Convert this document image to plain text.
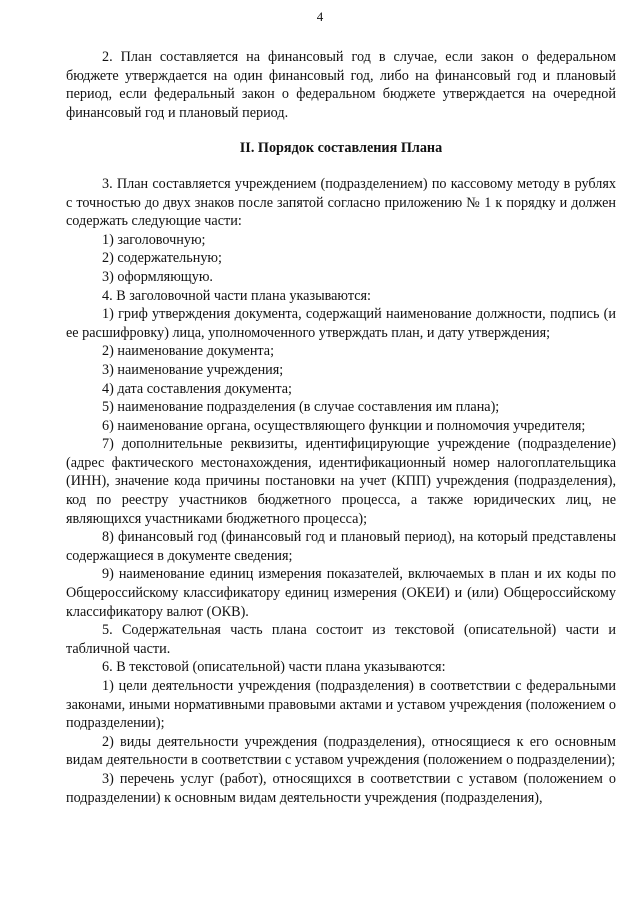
4

2. План составляется на финансовый год в случае, если закон о федеральном бюджете утверждается на один финансовый год, либо на финансовый год и плановый период, если федеральный закон о федеральном бюджете утверждается на очередной финансовый год и плановый период.

II. Порядок составления Плана

3. План составляется учреждением (подразделением) по кассовому методу в рублях с точностью до двух знаков после запятой согласно приложению № 1 к порядку и должен содержать следующие части:

1) заголовочную;

2) содержательную;

3) оформляющую.

4. В заголовочной части плана указываются:

1) гриф утверждения документа, содержащий наименование должности, подпись (и ее расшифровку) лица, уполномоченного утверждать план, и дату утверждения;

2) наименование документа;

3) наименование учреждения;

4) дата составления документа;

5) наименование подразделения (в случае составления им плана);

6) наименование органа, осуществляющего функции и полномочия учредителя;

7) дополнительные реквизиты, идентифицирующие учреждение (подразделение) (адрес фактического местонахождения, идентификационный номер налогоплательщика (ИНН), значение кода причины постановки на учет (КПП) учреждения (подразделения), код по реестру участников бюджетного процесса, а также юридических лиц, не являющихся участниками бюджетного процесса);

8) финансовый год (финансовый год и плановый период), на который представлены содержащиеся в документе сведения;

9) наименование единиц измерения показателей, включаемых в план и их коды по Общероссийскому классификатору единиц измерения (ОКЕИ) и (или) Общероссийскому классификатору валют (ОКВ).

5. Содержательная часть плана состоит из текстовой (описательной) части и табличной части.

6. В текстовой (описательной) части плана указываются:

1) цели деятельности учреждения (подразделения) в соответствии с федеральными законами, иными нормативными правовыми актами и уставом учреждения (положением о подразделении);

2) виды деятельности учреждения (подразделения), относящиеся к его основным видам деятельности в соответствии с уставом учреждения (положением о подразделении);

3) перечень услуг (работ), относящихся в соответствии с уставом (положением о подразделении) к основным видам деятельности учреждения (подразделения),
